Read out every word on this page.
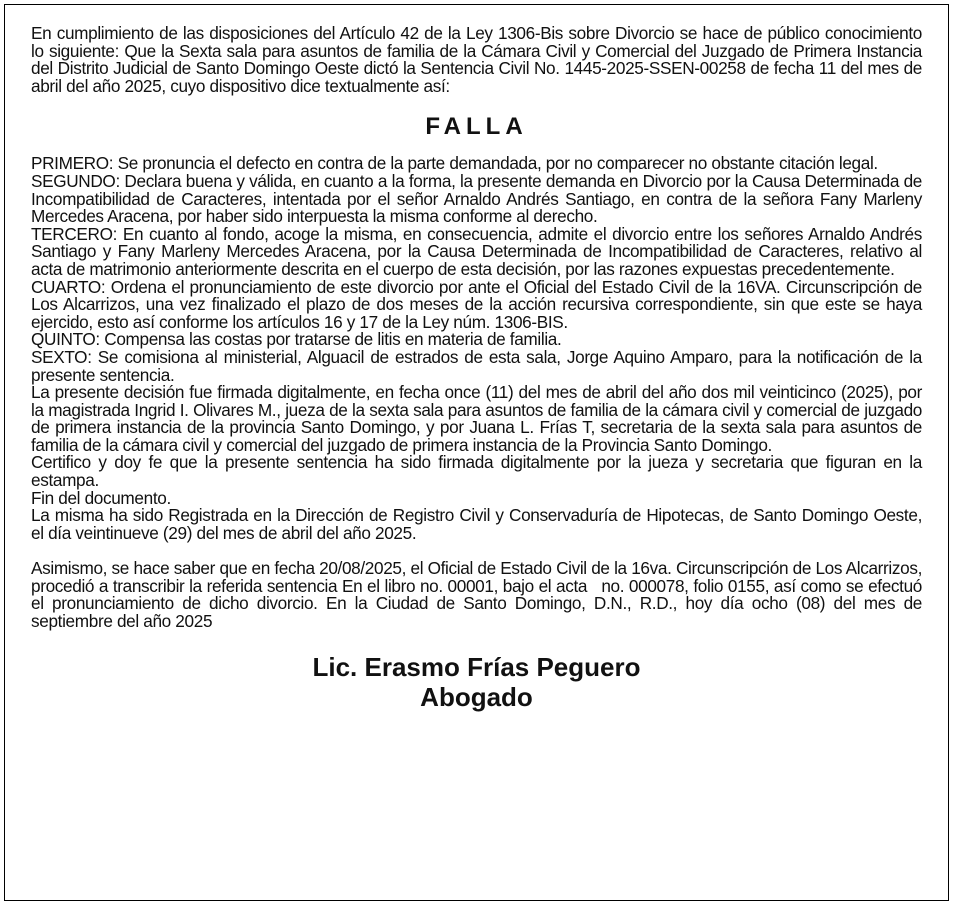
En cumplimiento de las disposiciones del Artículo 42 de la Ley 1306-Bis sobre Divorcio se hace de público conocimiento lo siguiente: Que la Sexta sala para asuntos de familia de la Cámara Civil y Comercial del Juzgado de Primera Instancia del Distrito Judicial de Santo Domingo Oeste dictó la Sentencia Civil No. 1445-2025-SSEN-00258 de fecha 11 del mes de abril del año 2025, cuyo dispositivo dice textualmente así:

FALLA

PRIMERO: Se pronuncia el defecto en contra de la parte demandada, por no comparecer no obstante citación legal.

SEGUNDO: Declara buena y válida, en cuanto a la forma, la presente demanda en Divorcio por la Causa Determinada de Incompatibilidad de Caracteres, intentada por el señor Arnaldo Andrés Santiago, en contra de la señora Fany Marleny Mercedes Aracena, por haber sido interpuesta la misma conforme al derecho.

TERCERO: En cuanto al fondo, acoge la misma, en consecuencia, admite el divorcio entre los señores Arnaldo Andrés Santiago y Fany Marleny Mercedes Aracena, por la Causa Determinada de Incompatibilidad de Caracteres, relativo al acta de matrimonio anteriormente descrita en el cuerpo de esta decisión, por las razones expuestas precedentemente.

CUARTO: Ordena el pronunciamiento de este divorcio por ante el Oficial del Estado Civil de la 16VA. Circunscripción de Los Alcarrizos, una vez finalizado el plazo de dos meses de la acción recursiva correspondiente, sin que este se haya ejercido, esto así conforme los artículos 16 y 17 de la Ley núm. 1306-BIS.

QUINTO: Compensa las costas por tratarse de litis en materia de familia.

SEXTO: Se comisiona al ministerial, Alguacil de estrados de esta sala, Jorge Aquino Amparo, para la notificación de la presente sentencia.

La presente decisión fue firmada digitalmente, en fecha once (11) del mes de abril del año dos mil veinticinco (2025), por la magistrada Ingrid I. Olivares M., jueza de la sexta sala para asuntos de familia de la cámara civil y comercial de juzgado de primera instancia de la provincia Santo Domingo, y por Juana L. Frías T, secretaria de la sexta sala para asuntos de familia de la cámara civil y comercial del juzgado de primera instancia de la Provincia Santo Domingo.

Certifico y doy fe que la presente sentencia ha sido firmada digitalmente por la jueza y secretaria que figuran en la estampa.

Fin del documento.

La misma ha sido Registrada en la Dirección de Registro Civil y Conservaduría de Hipotecas, de Santo Domingo Oeste, el día veintinueve (29) del mes de abril del año 2025.

Asimismo, se hace saber que en fecha 20/08/2025, el Oficial de Estado Civil de la 16va. Circunscripción de Los Alcarrizos, procedió a transcribir la referida sentencia En el libro no. 00001, bajo el acta   no. 000078, folio 0155, así como se efectuó el pronunciamiento de dicho divorcio. En la Ciudad de Santo Domingo, D.N., R.D., hoy día ocho (08) del mes de septiembre del año 2025

Lic. Erasmo Frías Peguero
Abogado
